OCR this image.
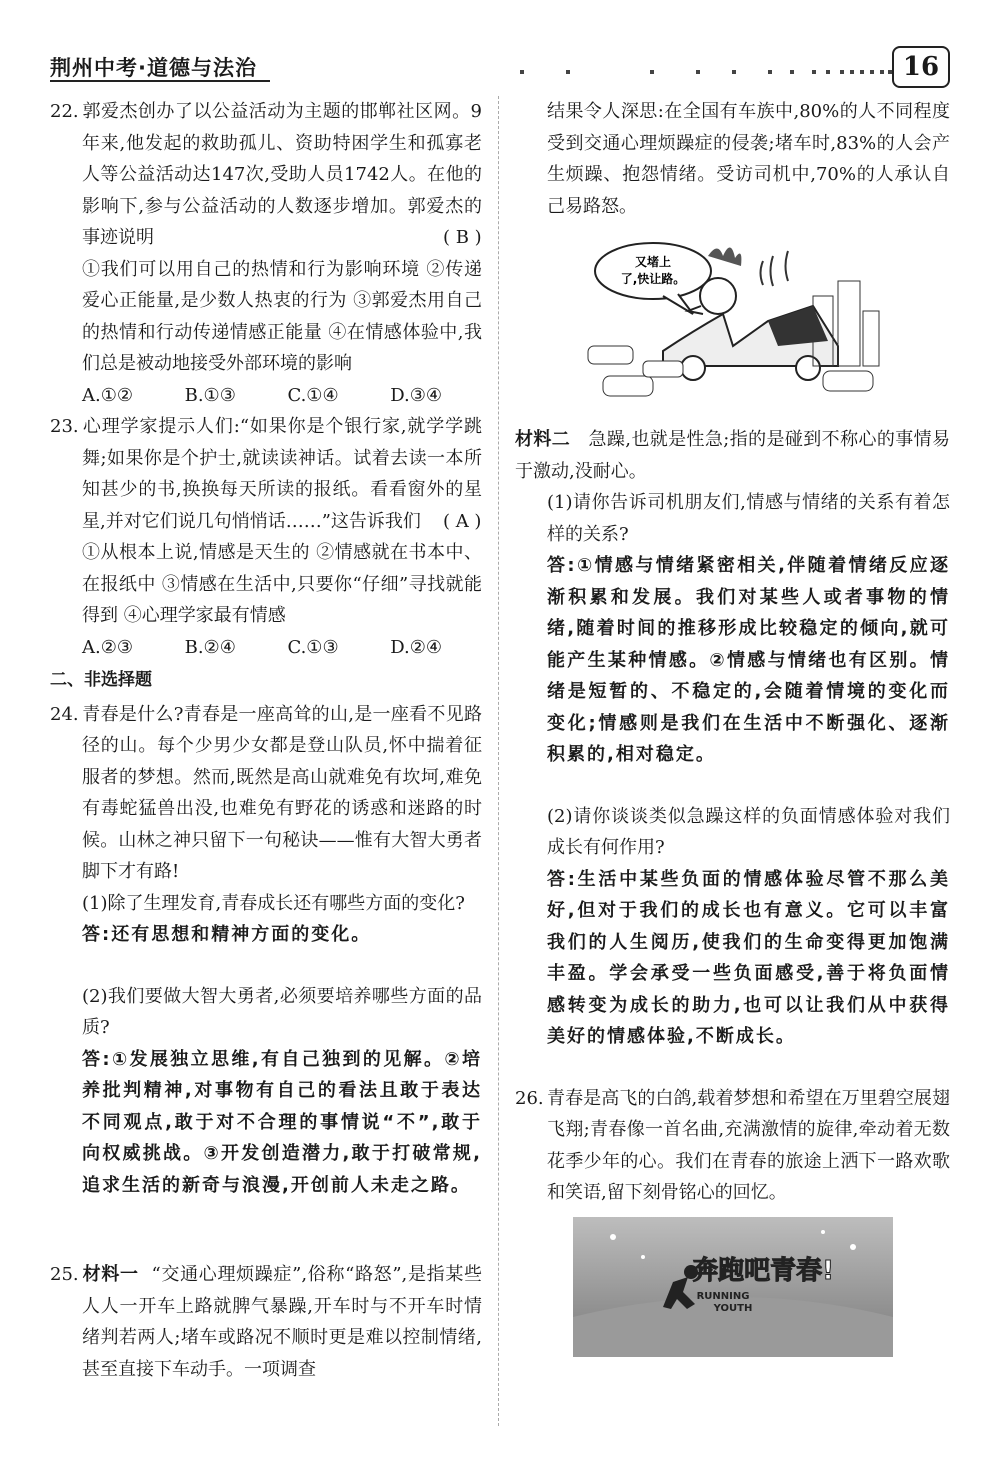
荆州中考·道德与法治	16
22. 郭爱杰创办了以公益活动为主题的邯郸社区网。9年来,他发起的救助孤儿、资助特困学生和孤寡老人等公益活动达147次,受助人员1742人。在他的影响下,参与公益活动的人数逐步增加。郭爱杰的事迹说明	( B )
①我们可以用自己的热情和行为影响环境 ②传递爱心正能量,是少数人热衷的行为 ③郭爱杰用自己的热情和行动传递情感正能量 ④在情感体验中,我们总是被动地接受外部环境的影响
A.①②	B.①③	C.①④	D.③④
23. 心理学家提示人们:“如果你是个银行家,就学学跳舞;如果你是个护士,就读读神话。试着去读一本所知甚少的书,换换每天所读的报纸。看看窗外的星星,并对它们说几句悄悄话……”这告诉我们 ( A )
①从根本上说,情感是天生的 ②情感就在书本中、在报纸中 ③情感在生活中,只要你“仔细”寻找就能得到 ④心理学家最有情感
A.②③	B.②④	C.①③	D.②④
二、非选择题
24. 青春是什么?青春是一座高耸的山,是一座看不见路径的山。每个少男少女都是登山队员,怀中揣着征服者的梦想。然而,既然是高山就难免有坎坷,难免有毒蛇猛兽出没,也难免有野花的诱惑和迷路的时候。山林之神只留下一句秘诀——惟有大智大勇者脚下才有路!
(1)除了生理发育,青春成长还有哪些方面的变化?
答:还有思想和精神方面的变化。
(2)我们要做大智大勇者,必须要培养哪些方面的品质?
答:①发展独立思维,有自己独到的见解。②培养批判精神,对事物有自己的看法且敢于表达不同观点,敢于对不合理的事情说“不”,敢于向权威挑战。③开发创造潜力,敢于打破常规,追求生活的新奇与浪漫,开创前人未走之路。
25. 材料一 “交通心理烦躁症”,俗称“路怒”,是指某些人人一开车上路就脾气暴躁,开车时与不开车时情绪判若两人;堵车或路况不顺时更是难以控制情绪,甚至直接下车动手。一项调查
结果令人深思:在全国有车族中,80%的人不同程度受到交通心理烦躁症的侵袭;堵车时,83%的人会产生烦躁、抱怨情绪。受访司机中,70%的人承认自己易路怒。
又堵上
了,快让路。
材料二 急躁,也就是性急;指的是碰到不称心的事情易于激动,没耐心。
(1)请你告诉司机朋友们,情感与情绪的关系有着怎样的关系?
答:①情感与情绪紧密相关,伴随着情绪反应逐渐积累和发展。我们对某些人或者事物的情绪,随着时间的推移形成比较稳定的倾向,就可能产生某种情感。②情感与情绪也有区别。情绪是短暂的、不稳定的,会随着情境的变化而变化;情感则是我们在生活中不断强化、逐渐积累的,相对稳定。
(2)请你谈谈类似急躁这样的负面情感体验对我们成长有何作用?
答:生活中某些负面的情感体验尽管不那么美好,但对于我们的成长也有意义。它可以丰富我们的人生阅历,使我们的生命变得更加饱满丰盈。学会承受一些负面感受,善于将负面情感转变为成长的助力,也可以让我们从中获得美好的情感体验,不断成长。
26. 青春是高飞的白鸽,载着梦想和希望在万里碧空展翅飞翔;青春像一首名曲,充满激情的旋律,牵动着无数花季少年的心。我们在青春的旅途上洒下一路欢歌和笑语,留下刻骨铭心的回忆。
奔跑吧青春!
RUNNING
YOUTH
